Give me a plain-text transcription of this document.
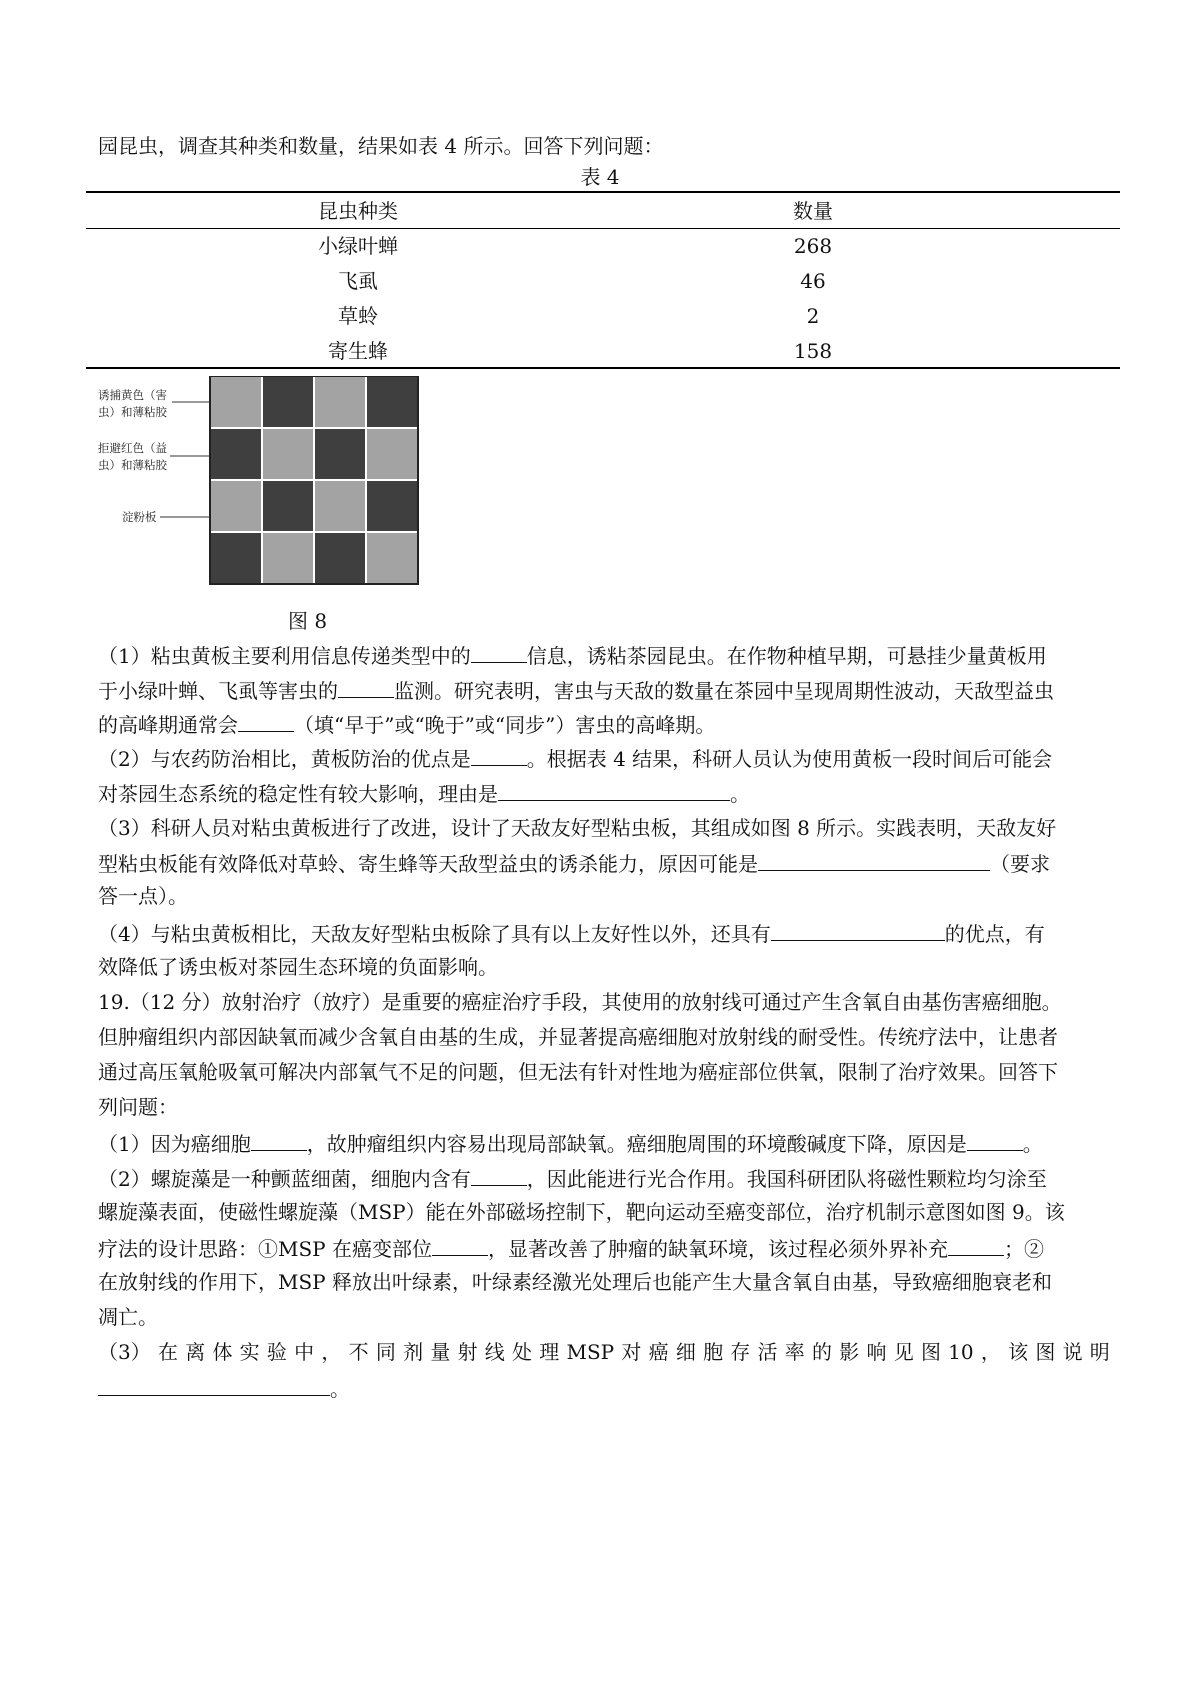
园昆虫，调查其种类和数量，结果如表 4 所示。回答下列问题：
表 4
昆虫种类	数量
小绿叶蝉	268
飞虱	46
草蛉	2
寄生蜂	158
诱捕黄色（害
虫）和薄粘胶
拒避红色（益
虫）和薄粘胶
淀粉板
图 8
（1）粘虫黄板主要利用信息传递类型中的	信息，诱粘茶园昆虫。在作物种植早期，可悬挂少量黄板用
于小绿叶蝉、飞虱等害虫的	监测。研究表明，害虫与天敌的数量在茶园中呈现周期性波动，天敌型益虫
的高峰期通常会	（填“早于”或“晚于”或“同步”）害虫的高峰期。
（2）与农药防治相比，黄板防治的优点是	。根据表 4 结果，科研人员认为使用黄板一段时间后可能会
对茶园生态系统的稳定性有较大影响，理由是	。
（3）科研人员对粘虫黄板进行了改进，设计了天敌友好型粘虫板，其组成如图 8 所示。实践表明，天敌友好
型粘虫板能有效降低对草蛉、寄生蜂等天敌型益虫的诱杀能力，原因可能是	（要求
答一点）。
（4）与粘虫黄板相比，天敌友好型粘虫板除了具有以上友好性以外，还具有	的优点，有
效降低了诱虫板对茶园生态环境的负面影响。
19.（12 分）放射治疗（放疗）是重要的癌症治疗手段，其使用的放射线可通过产生含氧自由基伤害癌细胞。
但肿瘤组织内部因缺氧而减少含氧自由基的生成，并显著提高癌细胞对放射线的耐受性。传统疗法中，让患者
通过高压氧舱吸氧可解决内部氧气不足的问题，但无法有针对性地为癌症部位供氧，限制了治疗效果。回答下
列问题：
（1）因为癌细胞	，故肿瘤组织内容易出现局部缺氧。癌细胞周围的环境酸碱度下降，原因是	。
（2）螺旋藻是一种颤蓝细菌，细胞内含有	，因此能进行光合作用。我国科研团队将磁性颗粒均匀涂至
螺旋藻表面，使磁性螺旋藻（MSP）能在外部磁场控制下，靶向运动至癌变部位，治疗机制示意图如图 9。该
疗法的设计思路：①MSP 在癌变部位	，显著改善了肿瘤的缺氧环境，该过程必须外界补充	；②
在放射线的作用下，MSP 释放出叶绿素，叶绿素经激光处理后也能产生大量含氧自由基，导致癌细胞衰老和
凋亡。
（3） 在 离 体 实 验 中 ， 不 同 剂 量 射 线 处 理 MSP 对 癌 细 胞 存 活 率 的 影 响 见 图 10 ， 该 图 说 明
。
